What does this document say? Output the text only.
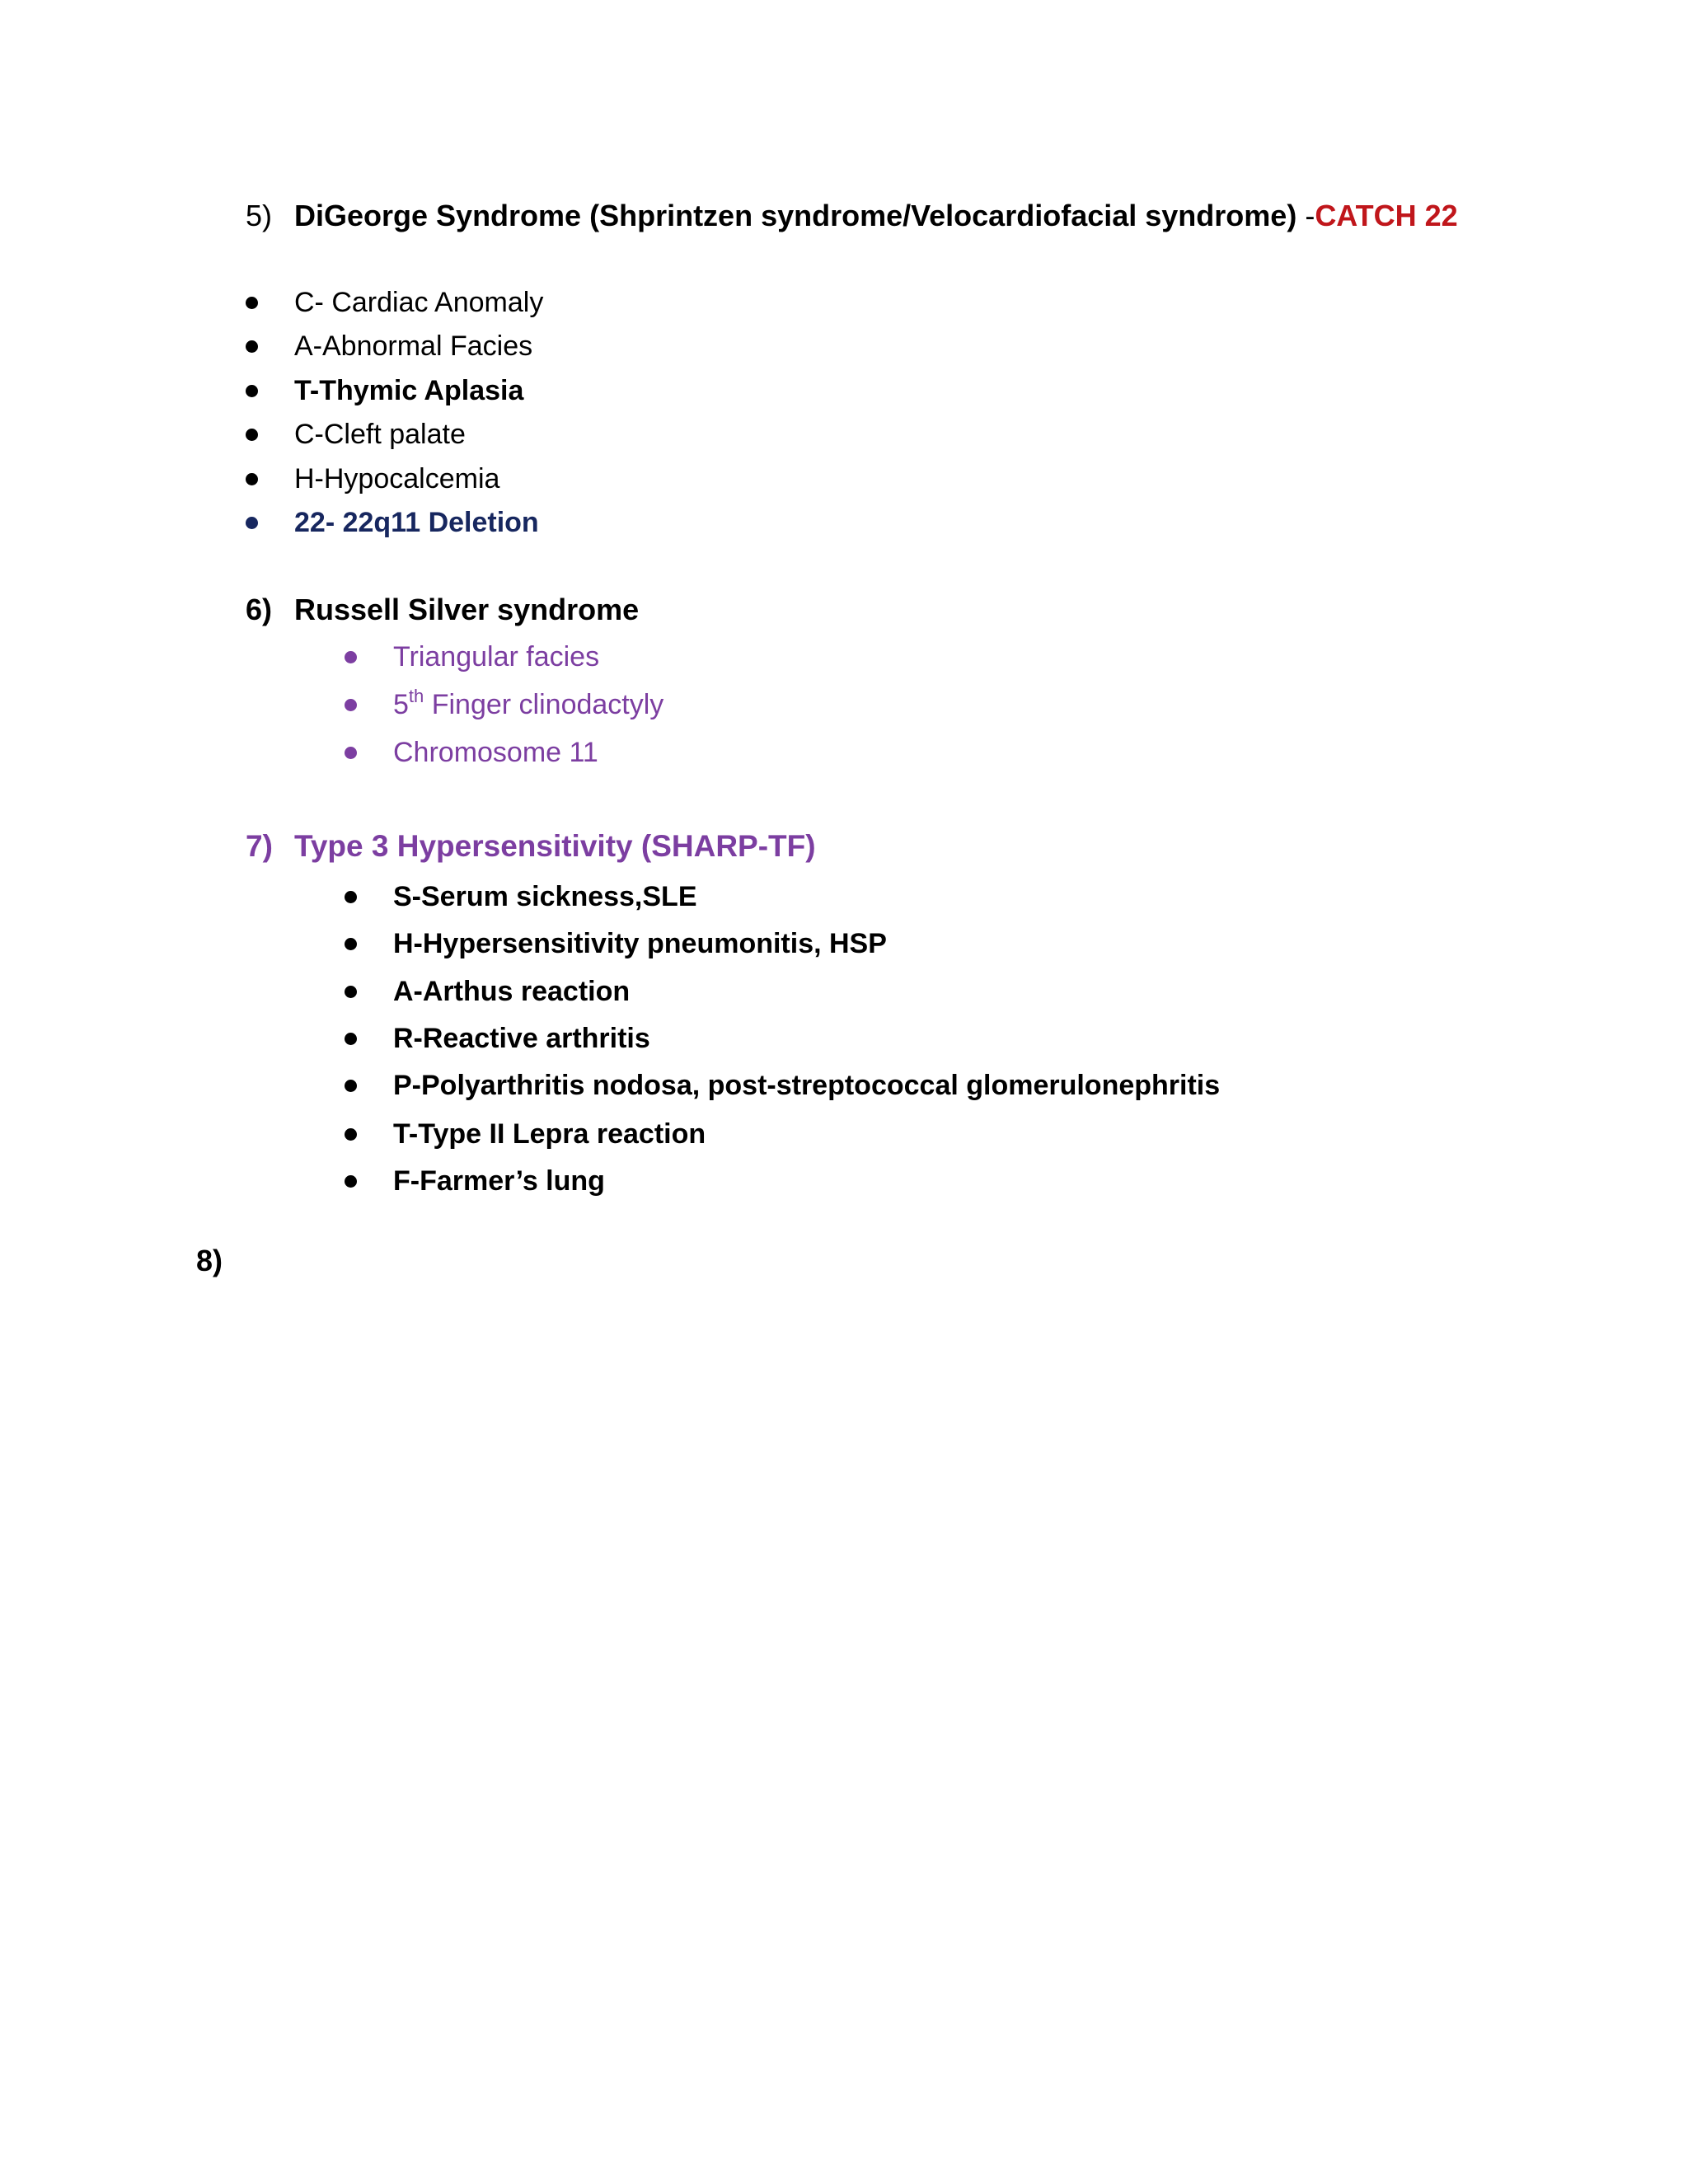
5) DiGeorge Syndrome (Shprintzen syndrome/Velocardiofacial syndrome) -CATCH 22
C- Cardiac Anomaly
A-Abnormal Facies
T-Thymic Aplasia
C-Cleft palate
H-Hypocalcemia
22- 22q11 Deletion
6) Russell Silver syndrome
Triangular facies
5th Finger clinodactyly
Chromosome 11
7) Type 3 Hypersensitivity (SHARP-TF)
S-Serum sickness,SLE
H-Hypersensitivity pneumonitis, HSP
A-Arthus reaction
R-Reactive arthritis
P-Polyarthritis nodosa, post-streptococcal glomerulonephritis
T-Type II Lepra reaction
F-Farmer’s lung
8)
